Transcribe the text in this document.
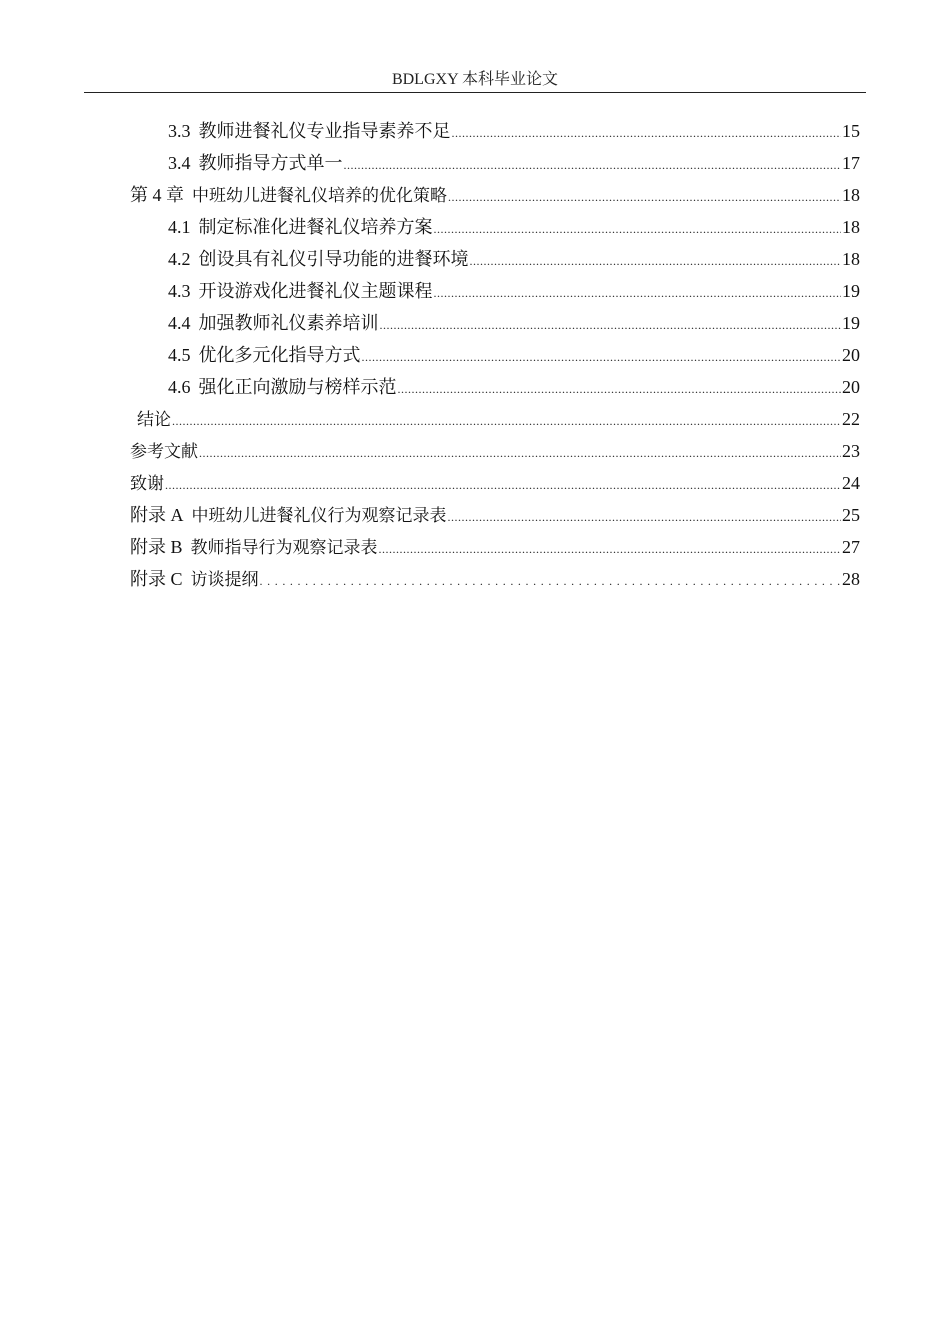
BDLGXY 本科毕业论文
3.3 教师进餐礼仪专业指导素养不足 .....	15
3.4 教师指导方式单一 .....	17
第 4 章 中班幼儿进餐礼仪培养的优化策略 .....	18
4.1 制定标准化进餐礼仪培养方案 .....	18
4.2 创设具有礼仪引导功能的进餐环境 .....	18
4.3 开设游戏化进餐礼仪主题课程 .....	19
4.4 加强教师礼仪素养培训 .....	19
4.5 优化多元化指导方式 .....	20
4.6 强化正向激励与榜样示范 .....	20
结论 .....	22
参考文献 .....	23
致谢 .....	24
附录 A 中班幼儿进餐礼仪行为观察记录表 .....	25
附录 B 教师指导行为观察记录表 .....	27
附录 C 访谈提纲 . . .	28
